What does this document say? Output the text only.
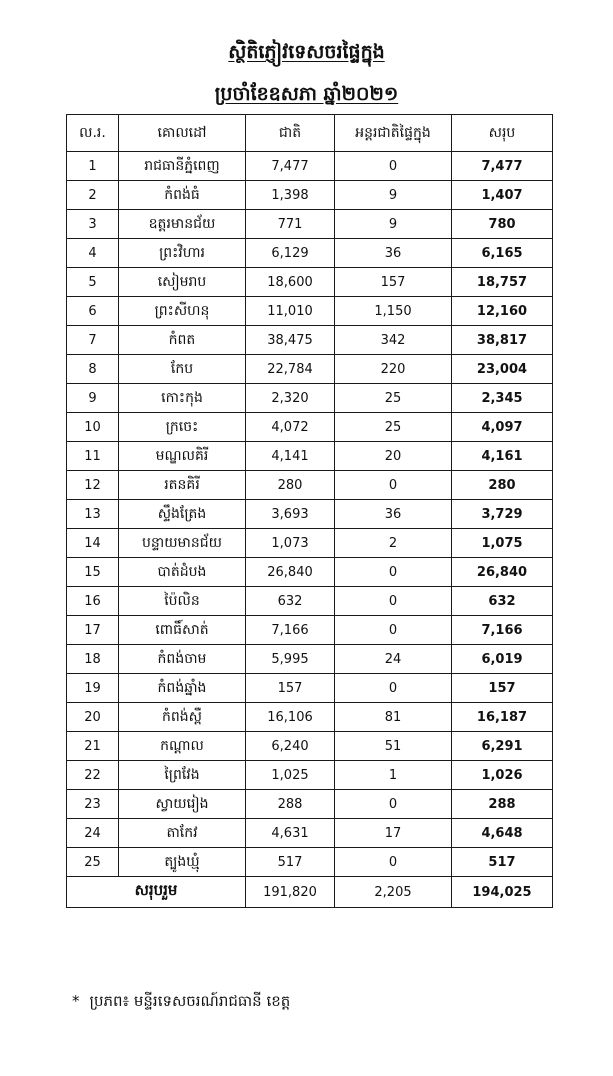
ស្ថិតិភ្ញៀវទេសចរផ្ទៃក្នុង
ប្រចាំខែឧសភា ឆ្នាំ២០២១
ល.រ.	គោលដៅ	ជាតិ	អន្តរជាតិផ្ទៃក្នុង	សរុប
1	រាជធានីភ្នំពេញ	7,477	0	7,477
2	កំពង់ធំ	1,398	9	1,407
3	ឧត្តរមានជ័យ	771	9	780
4	ព្រះវិហារ	6,129	36	6,165
5	សៀមរាប	18,600	157	18,757
6	ព្រះសីហនុ	11,010	1,150	12,160
7	កំពត	38,475	342	38,817
8	កែប	22,784	220	23,004
9	កោះកុង	2,320	25	2,345
10	ក្រចេះ	4,072	25	4,097
11	មណ្ឌលគិរី	4,141	20	4,161
12	រតនគិរី	280	0	280
13	ស្ទឹងត្រែង	3,693	36	3,729
14	បន្ទាយមានជ័យ	1,073	2	1,075
15	បាត់ដំបង	26,840	0	26,840
16	ប៉ៃលិន	632	0	632
17	ពោធិ៍សាត់	7,166	0	7,166
18	កំពង់ចាម	5,995	24	6,019
19	កំពង់ឆ្នាំង	157	0	157
20	កំពង់ស្ពឺ	16,106	81	16,187
21	កណ្តាល	6,240	51	6,291
22	ព្រៃវែង	1,025	1	1,026
23	ស្វាយរៀង	288	0	288
24	តាកែវ	4,631	17	4,648
25	ត្បូងឃ្មុំ	517	0	517
សរុបរួម		191,820	2,205	194,025

* ប្រភព៖ មន្ទីរទេសចរណ៍រាជធានី ខេត្ត
